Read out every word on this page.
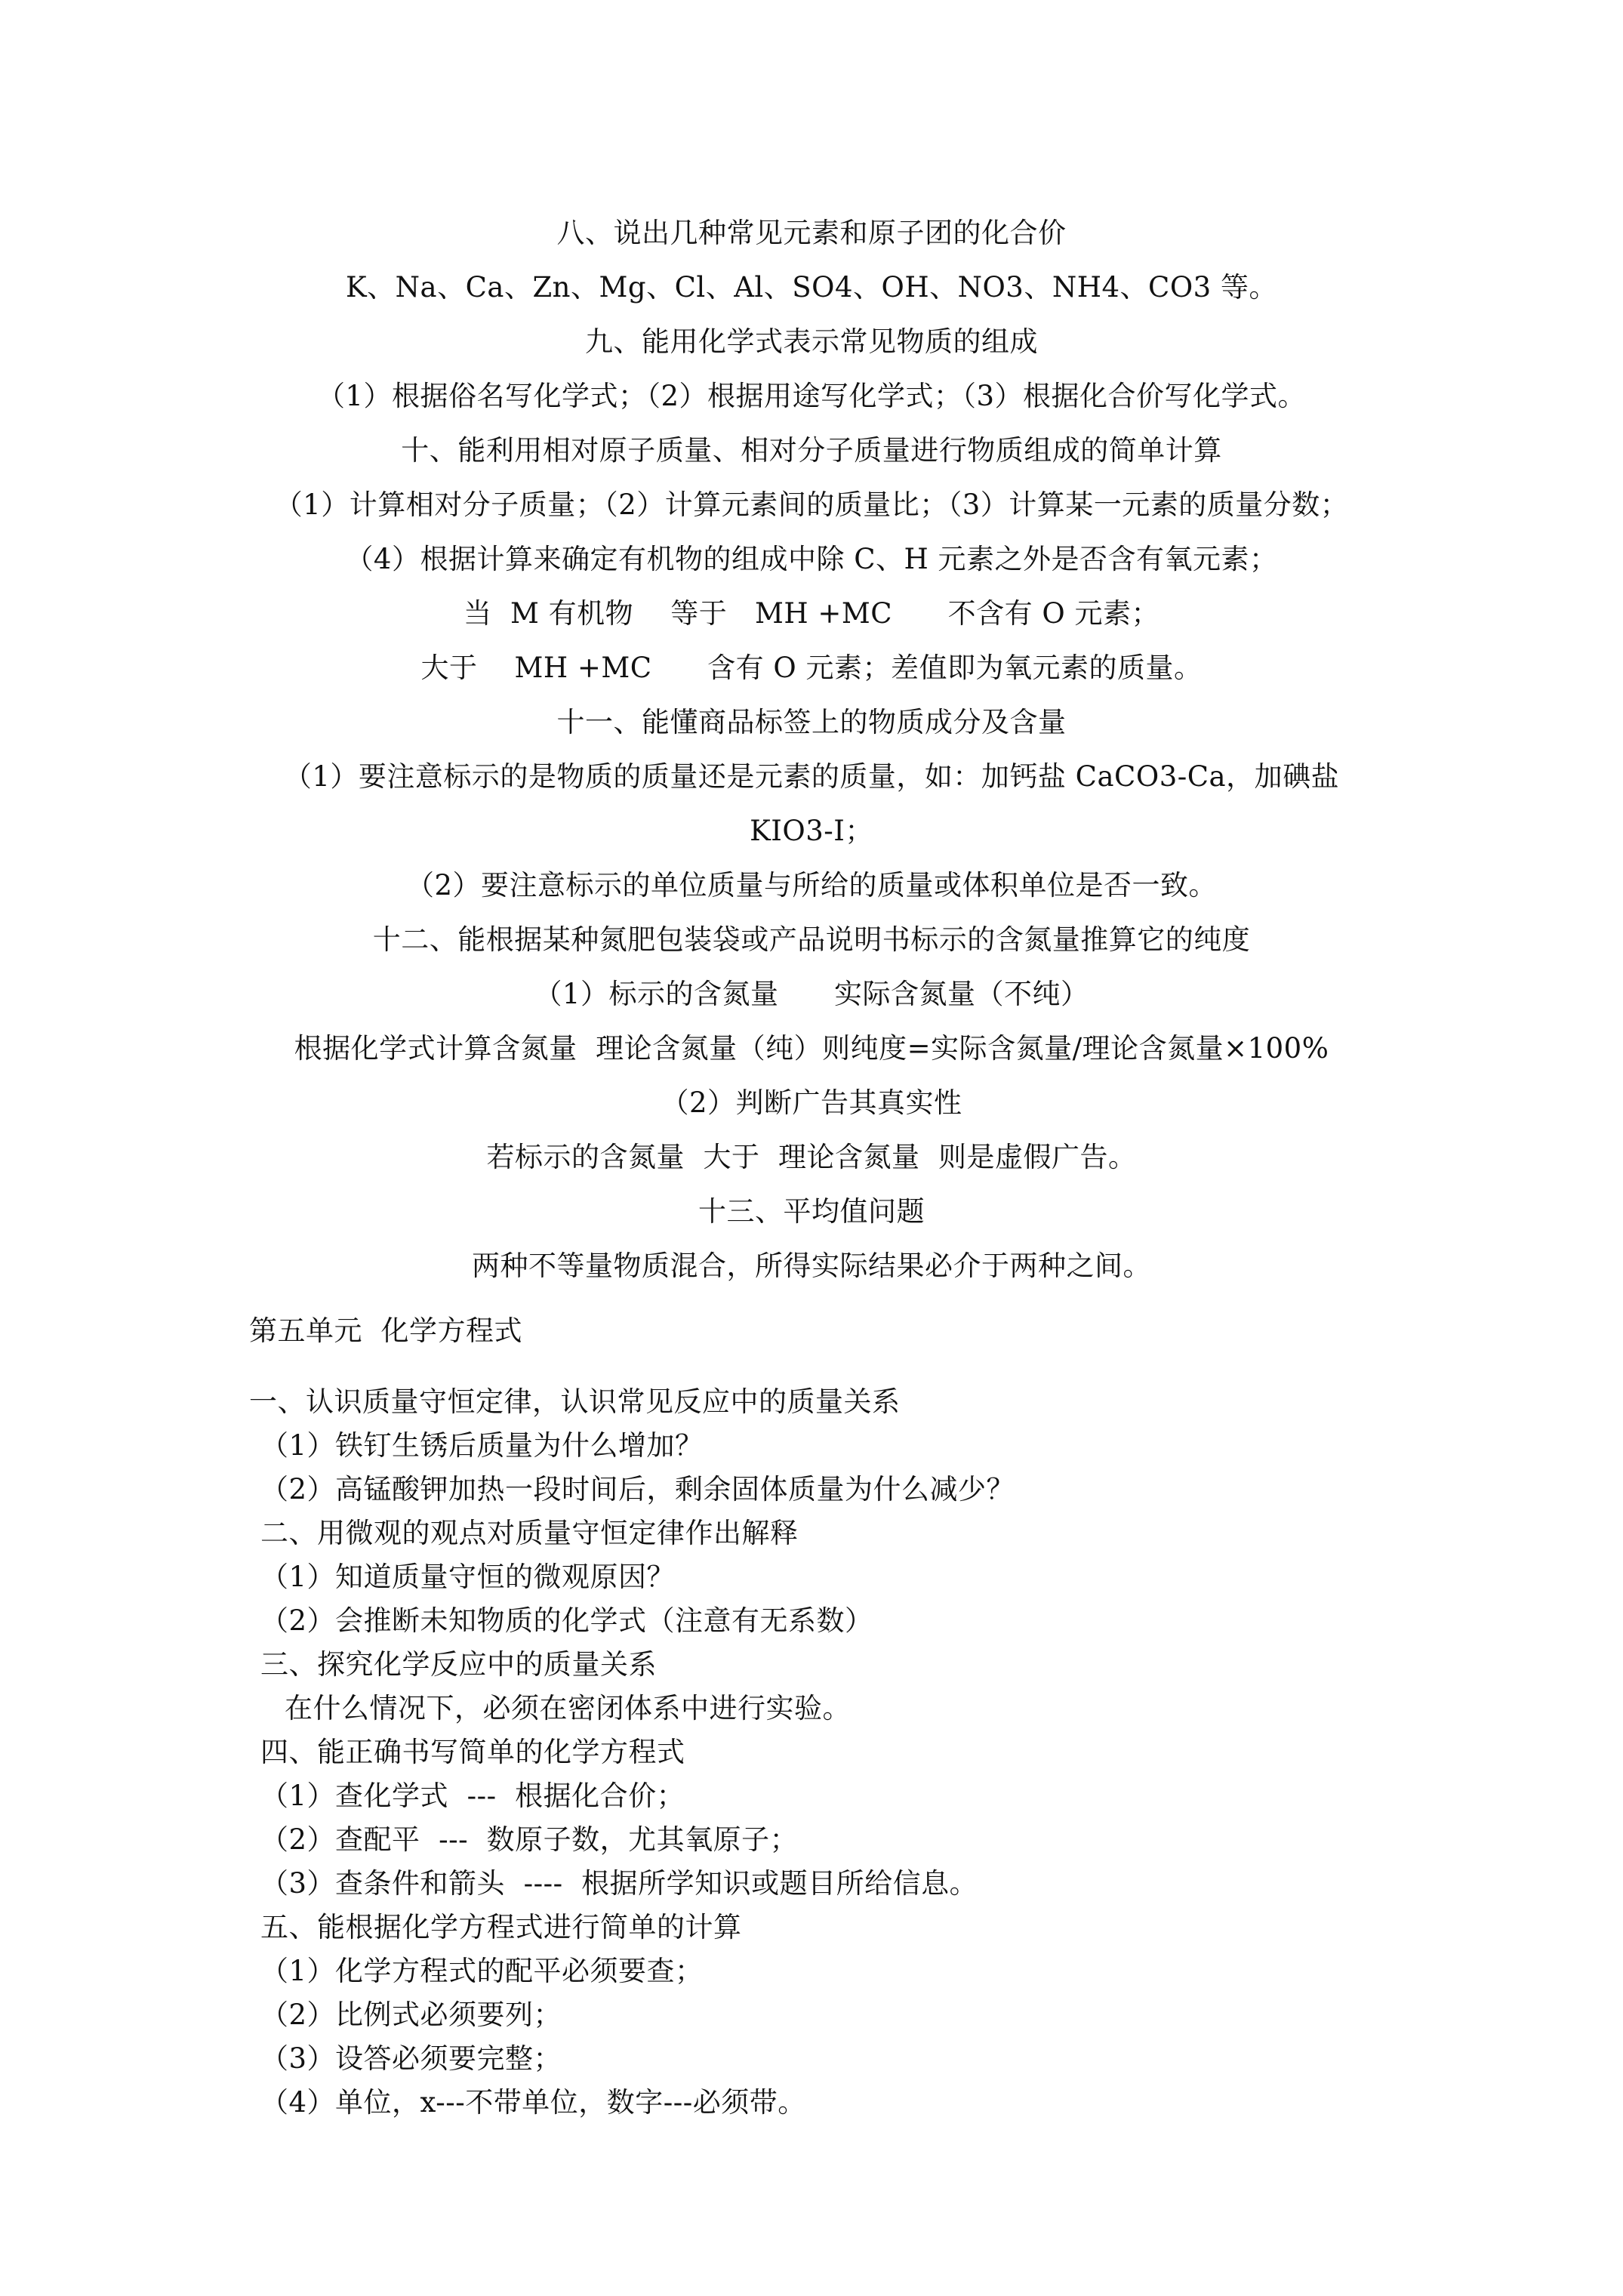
八、说出几种常见元素和原子团的化合价
K、Na、Ca、Zn、Mg、Cl、Al、SO4、OH、NO3、NH4、CO3 等。
九、能用化学式表示常见物质的组成
（1）根据俗名写化学式；（2）根据用途写化学式；（3）根据化合价写化学式。
十、能利用相对原子质量、相对分子质量进行物质组成的简单计算
（1）计算相对分子质量；（2）计算元素间的质量比；（3）计算某一元素的质量分数；
（4）根据计算来确定有机物的组成中除 C、H 元素之外是否含有氧元素；
当  M 有机物    等于   MH +MC      不含有 O 元素；
大于    MH +MC      含有 O 元素；差值即为氧元素的质量。
十一、能懂商品标签上的物质成分及含量
（1）要注意标示的是物质的质量还是元素的质量，如：加钙盐 CaCO3-Ca，加碘盐
KIO3-I；
（2）要注意标示的单位质量与所给的质量或体积单位是否一致。
十二、能根据某种氮肥包装袋或产品说明书标示的含氮量推算它的纯度
（1）标示的含氮量      实际含氮量（不纯）
根据化学式计算含氮量  理论含氮量（纯）则纯度=实际含氮量/理论含氮量×100%
（2）判断广告其真实性
若标示的含氮量  大于  理论含氮量  则是虚假广告。
十三、平均值问题
两种不等量物质混合，所得实际结果必介于两种之间。
第五单元  化学方程式
一、认识质量守恒定律，认识常见反应中的质量关系
（1）铁钉生锈后质量为什么增加？
（2）高锰酸钾加热一段时间后，剩余固体质量为什么减少？
二、用微观的观点对质量守恒定律作出解释
（1）知道质量守恒的微观原因？
（2）会推断未知物质的化学式（注意有无系数）
三、探究化学反应中的质量关系
在什么情况下，必须在密闭体系中进行实验。
四、能正确书写简单的化学方程式
（1）查化学式  ---  根据化合价；
（2）查配平  ---  数原子数，尤其氧原子；
（3）查条件和箭头  ----  根据所学知识或题目所给信息。
五、能根据化学方程式进行简单的计算
（1）化学方程式的配平必须要查；
（2）比例式必须要列；
（3）设答必须要完整；
（4）单位，x---不带单位，数字---必须带。
